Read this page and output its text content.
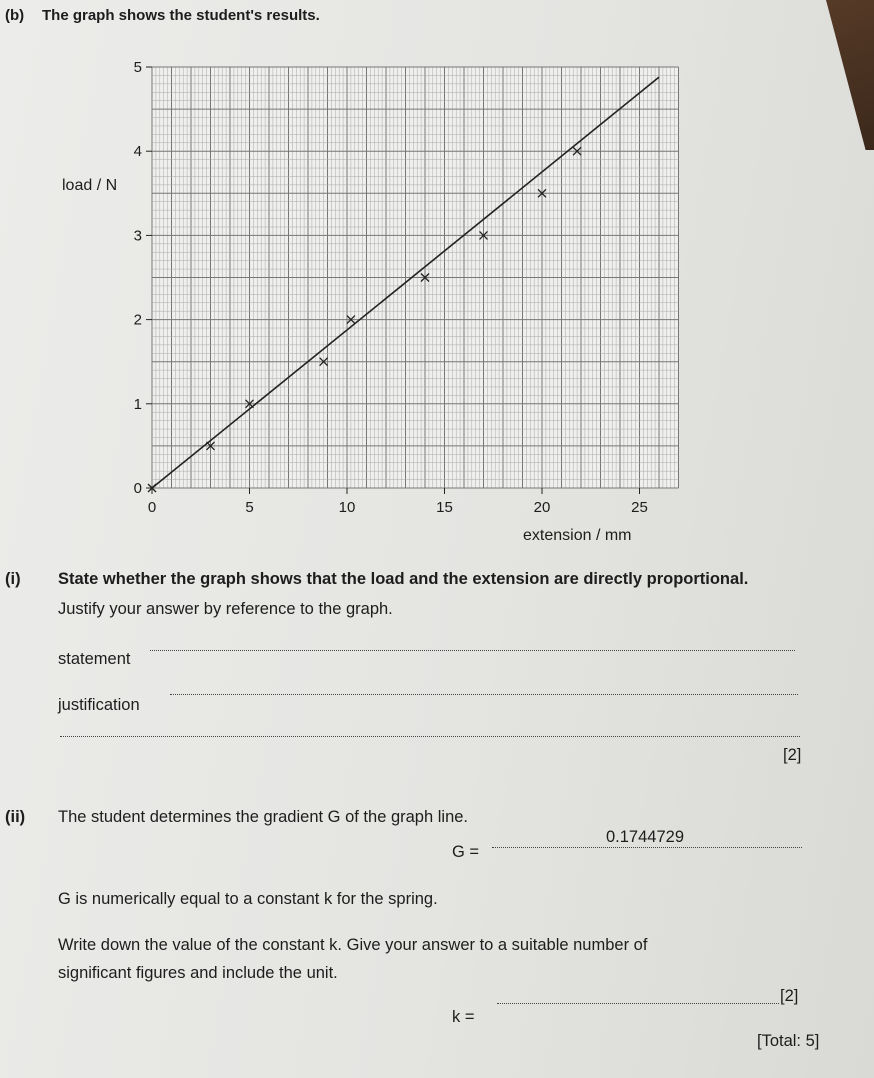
(b) The graph shows the student's results.
0	5	10	15	20	25
0
1
2
3
4
5
load / N
extension / mm
(i) State whether the graph shows that the load and the extension are directly proportional.
Justify your answer by reference to the graph.
statement
justification
[2]
(ii) The student determines the gradient G of the graph line.
G =
0.1744729
G is numerically equal to a constant k for the spring.
Write down the value of the constant k. Give your answer to a suitable number of
significant figures and include the unit.
k =
[2]
[Total: 5]
